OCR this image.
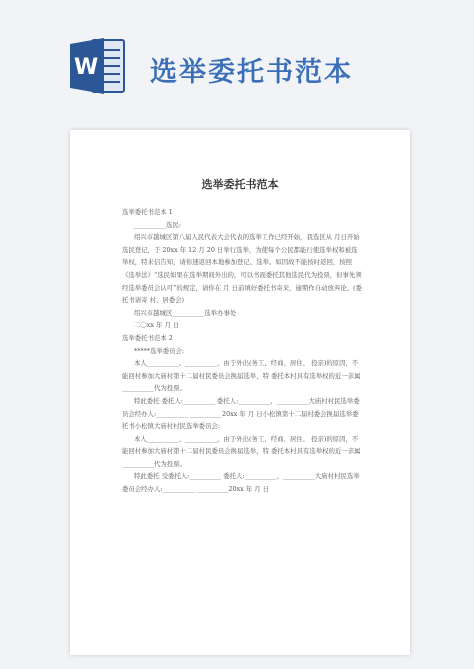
W 选举委托书范本
选举委托书范本

选举委托书范本 1

__________选民:

绍兴市越城区第八届人民代表大会代表的选举工作已经开始，我选区从 月日开始选民登记，于 20xx 年 12 月 20 日举行选举，为使每个公民都能行使选举权和被选举权，特来信告知，请你速返回本地参加登记、选举。如因故不能按时返回，按照《选举法》“选民如果在选举期间外出的，可以书面委托其他选民代为投票，但事先须经选举委员会认可”的规定，请你在 月 日前填好委托书寄来，逾期作自动放弃论。(委托书请寄 村、居委会)

绍兴市越城区__________选举办事处

二〇xx 年 月 日

选举委托书范本 2

*****选举委员会:

本人__________、__________，由于外出(务工、经商、居住、 投亲)的原因，不能回村参加大庙村第十二届村民委员会换届选举，特 委托本村具有选举权的近一亲属__________代为投票。

特此委托 委托人:__________ 委托人:__________、__________大庙村村民选举委员会经办人:__________ __________20xx 年 月 日小松镇第十二届村委会换届选举委托书小松镇大庙村村民选举委员会:

本人__________、__________，由于外出(务工、经商、居住、 投亲)的原因，不能回村参加大庙村第十二届村民委员会换届选举，特 委托本村具有选举权的近一亲属__________代为投票。

特此委托 受委托人:__________ 委托人:__________、__________大庙村村民选举委员会经办人:__________ __________20xx 年 月 日
